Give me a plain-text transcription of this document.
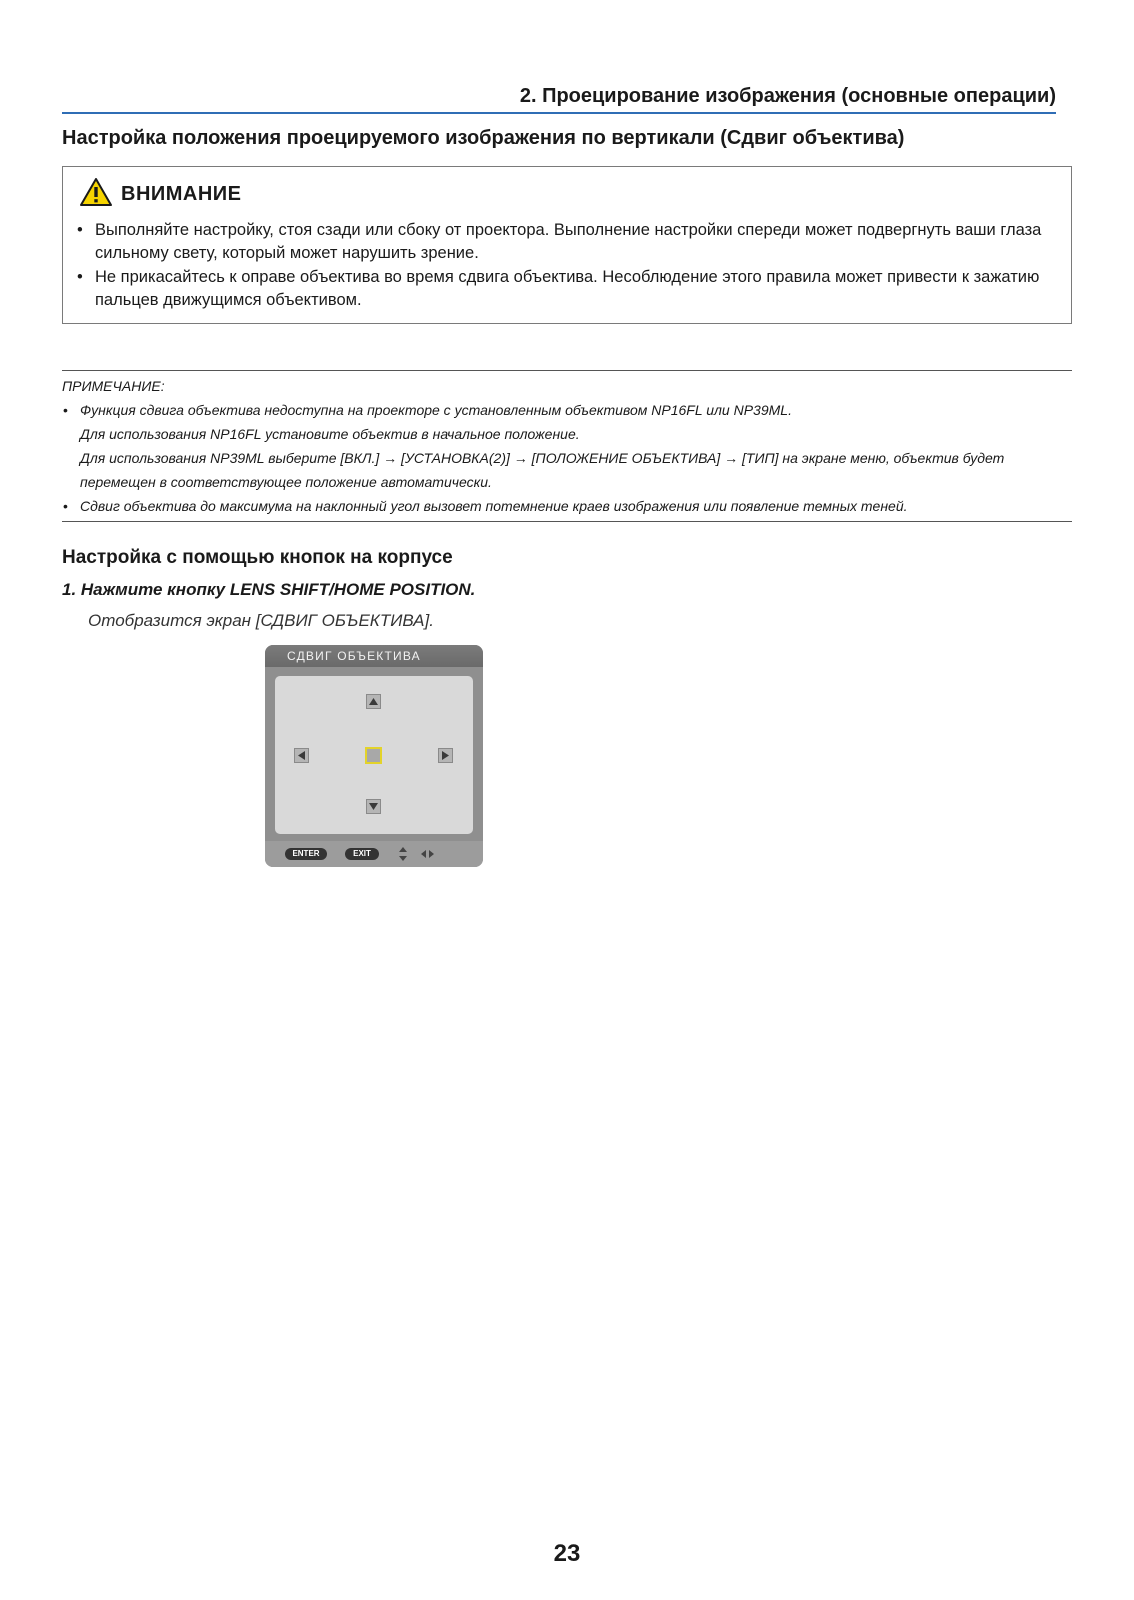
2. Проецирование изображения (основные операции)
Настройка положения проецируемого изображения по вертикали (Сдвиг объектива)
ВНИМАНИЕ
• Выполняйте настройку, стоя сзади или сбоку от проектора. Выполнение настройки спереди может подвергнуть ваши глаза сильному свету, который может нарушить зрение.
• Не прикасайтесь к оправе объектива во время сдвига объектива. Несоблюдение этого правила может привести к зажатию пальцев движущимся объективом.
ПРИМЕЧАНИЕ:
• Функция сдвига объектива недоступна на проекторе с установленным объективом NP16FL или NP39ML.
Для использования NP16FL установите объектив в начальное положение.
Для использования NP39ML выберите [ВКЛ.] → [УСТАНОВКА(2)] → [ПОЛОЖЕНИЕ ОБЪЕКТИВА] → [ТИП] на экране меню, объектив будет перемещен в соответствующее положение автоматически.
• Сдвиг объектива до максимума на наклонный угол вызовет потемнение краев изображения или появление темных теней.
Настройка с помощью кнопок на корпусе
1. Нажмите кнопку LENS SHIFT/HOME POSITION.
Отобразится экран [СДВИГ ОБЪЕКТИВА].
СДВИГ ОБЪЕКТИВА
ENTER	EXIT
23
